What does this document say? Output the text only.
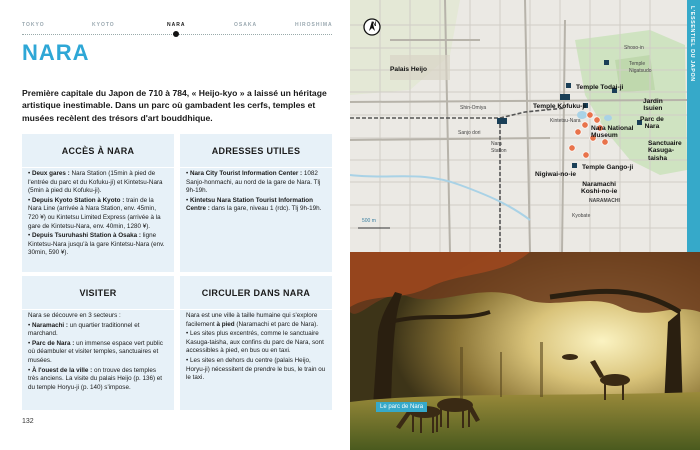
TOKYO	KYOTO	NARA	OSAKA	HIROSHIMA
NARA
Première capitale du Japon de 710 à 784, « Heijo-kyo » a laissé un héritage artistique inestimable. Dans un parc où gambadent les cerfs, temples et musées recèlent des trésors d'art bouddhique.
ACCÈS À NARA

• Deux gares : Nara Station (15min à pied de l'entrée du parc et du Kofuku-ji) et Kintetsu-Nara (5min à pied du Kofuku-ji).

• Depuis Kyoto Station à Kyoto : train de la Nara Line (arrivée à Nara Station, env. 45min, 720 ¥) ou Kintetsu Limited Express (arrivée à la gare de Kintetsu-Nara, env. 40min, 1280 ¥).

• Depuis Tsuruhashi Station à Osaka : ligne Kintetsu-Nara jusqu'à la gare Kintetsu-Nara (env. 30min, 590 ¥).

ADRESSES UTILES

• Nara City Tourist Information Center : 1082 Sanjo-honmachi, au nord de la gare de Nara. Tlj 9h-19h.

• Kintetsu Nara Station Tourist Information Centre : dans la gare, niveau 1 (rdc). Tlj 9h-19h.

VISITER

Nara se découvre en 3 secteurs :

• Naramachi : un quartier traditionnel et marchand.

• Parc de Nara : un immense espace vert public où déambuler et visiter temples, sanctuaires et musées.

• À l'ouest de la ville : on trouve des temples très anciens. La visite du palais Heijo (p. 136) et du temple Horyu-ji (p. 140) s'impose.

CIRCULER DANS NARA

Nara est une ville à taille humaine qui s'explore facilement à pied (Naramachi et parc de Nara).

• Les sites plus excentrés, comme le sanctuaire Kasuga-taisha, aux confins du parc de Nara, sont accessibles à pied, en bus ou en taxi.

• Les sites en dehors du centre (palais Heijo, Horyu-ji) nécessitent de prendre le bus, le train ou le taxi.

132
L'ESSENTIEL DU JAPON
N
Palais Heijo
Shoso-in
Temple
Nigatsudo
Temple Todai-ji
Jardin
Isuien
Temple Kofuku-ji
Parc de
Nara
Nara National
Museum
Sanctuaire
Kasuga-
taisha
Temple Gango-ji
Nigiwai-no-ie
Naramachi
Koshi-no-ie
NARAMACHI
Nara
Station
Kintetsu-Nara
Shin-Omiya
Sanjo dori
Kyobate
500 m
Le parc de Nara
